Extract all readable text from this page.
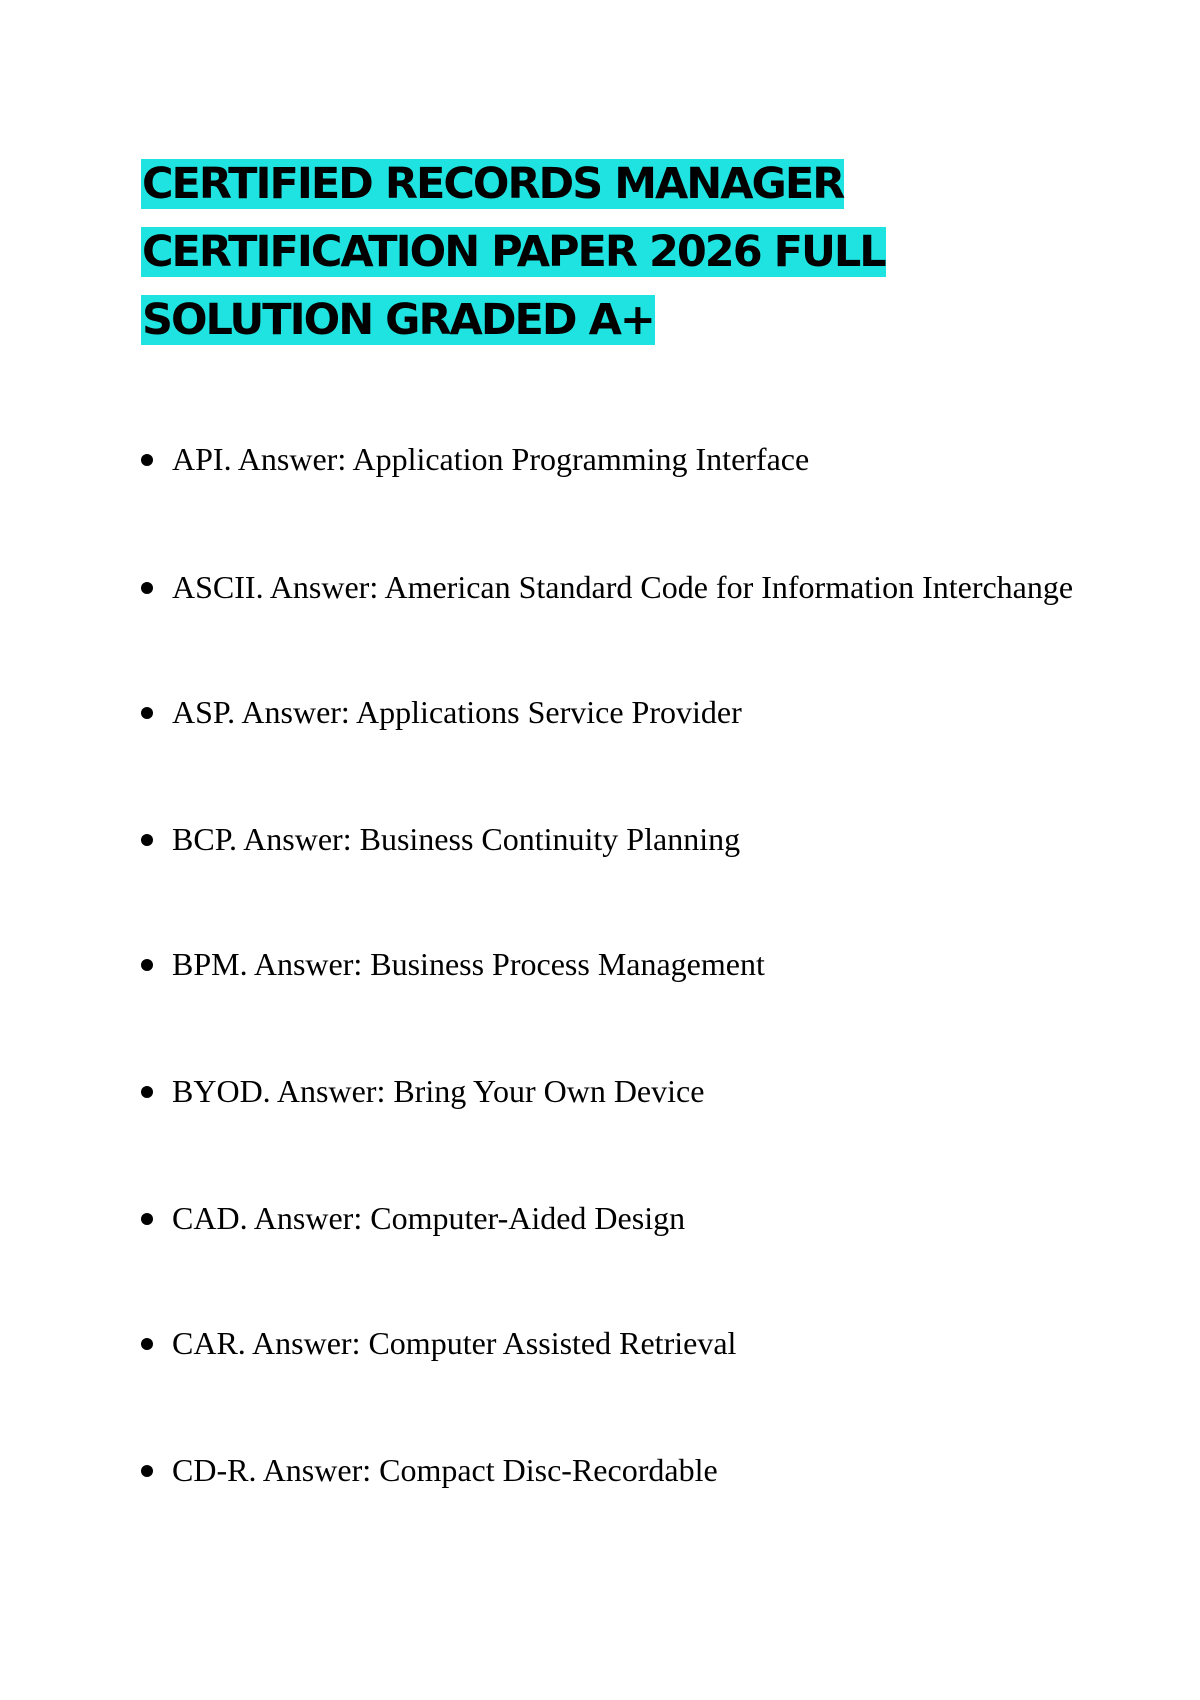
CERTIFIED RECORDS MANAGER
CERTIFICATION PAPER 2026 FULL
SOLUTION GRADED A+
API. Answer: Application Programming Interface
ASCII. Answer: American Standard Code for Information Interchange
ASP. Answer: Applications Service Provider
BCP. Answer: Business Continuity Planning
BPM. Answer: Business Process Management
BYOD. Answer: Bring Your Own Device
CAD. Answer: Computer-Aided Design
CAR. Answer: Computer Assisted Retrieval
CD-R. Answer: Compact Disc-Recordable
